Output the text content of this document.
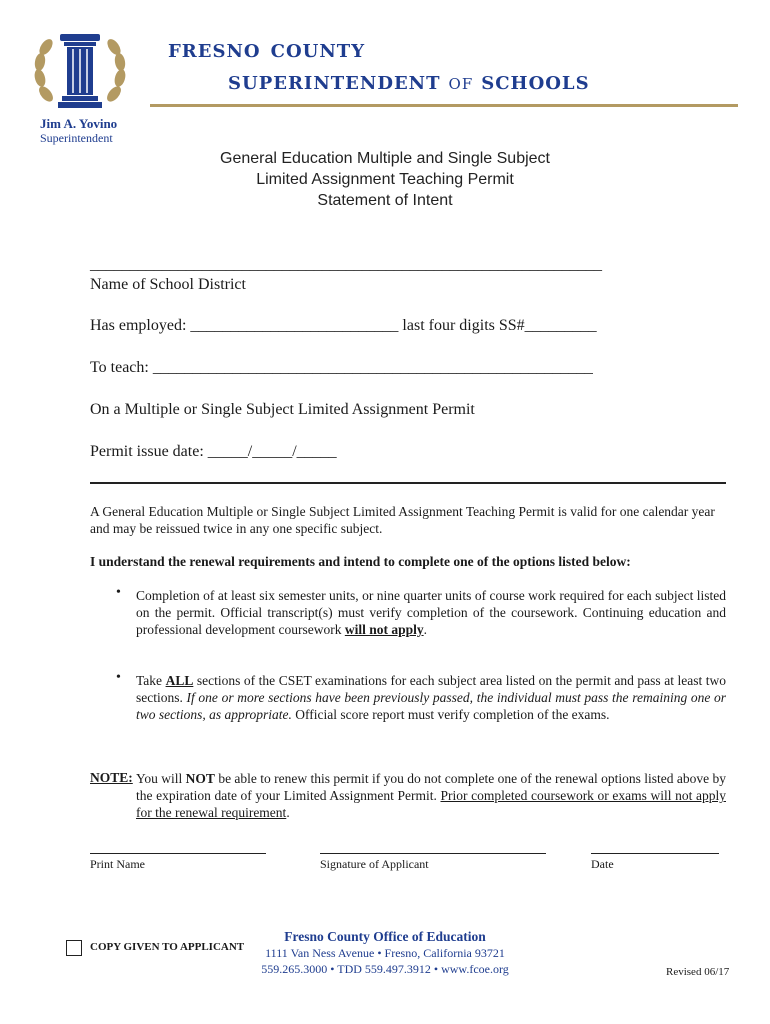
fresno county
superintendent of schools
Jim A. Yovino
Superintendent
General Education Multiple and Single Subject
Limited Assignment Teaching Permit
Statement of Intent
________________________________________________________________
Name of School District
Has employed: __________________________ last four digits SS#_________
To teach: _______________________________________________________
On a Multiple or Single Subject Limited Assignment Permit
Permit issue date: _____/_____/_____
A General Education Multiple or Single Subject Limited Assignment Teaching Permit is valid for one calendar year and may be reissued twice in any one specific subject.
I understand the renewal requirements and intend to complete one of the options listed below:
• Completion of at least six semester units, or nine quarter units of course work required for each subject listed on the permit. Official transcript(s) must verify completion of the coursework. Continuing education and professional development coursework will not apply.
• Take ALL sections of the CSET examinations for each subject area listed on the permit and pass at least two sections. If one or more sections have been previously passed, the individual must pass the remaining one or two sections, as appropriate. Official score report must verify completion of the exams.
NOTE: You will NOT be able to renew this permit if you do not complete one of the renewal options listed above by the expiration date of your Limited Assignment Permit. Prior completed coursework or exams will not apply for the renewal requirement.
Print Name	Signature of Applicant	Date
COPY GIVEN TO APPLICANT
Fresno County Office of Education
1111 Van Ness Avenue • Fresno, California 93721
559.265.3000 • TDD 559.497.3912 • www.fcoe.org	Revised 06/17
